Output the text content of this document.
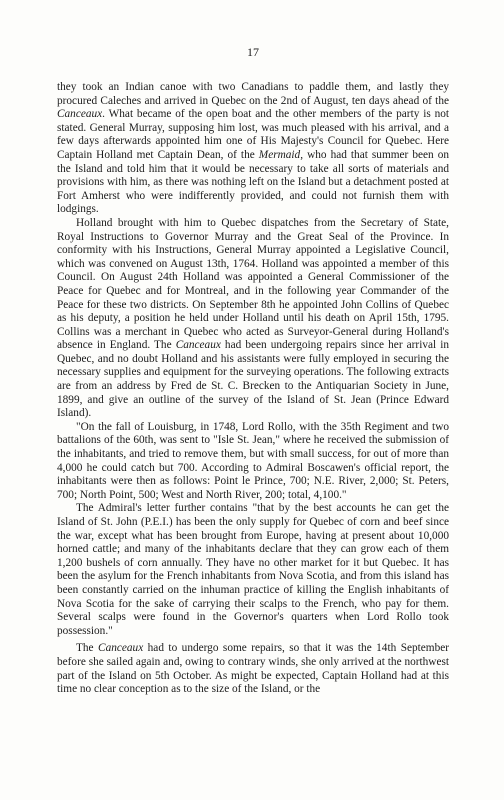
17

they took an Indian canoe with two Canadians to paddle them, and lastly they procured Caleches and arrived in Quebec on the 2nd of August, ten days ahead of the Canceaux. What became of the open boat and the other members of the party is not stated. General Murray, supposing him lost, was much pleased with his arrival, and a few days afterwards appointed him one of His Majesty's Council for Quebec. Here Captain Holland met Captain Dean, of the Mermaid, who had that summer been on the Island and told him that it would be necessary to take all sorts of materials and provisions with him, as there was nothing left on the Island but a detachment posted at Fort Amherst who were indifferently provided, and could not furnish them with lodgings.

Holland brought with him to Quebec dispatches from the Secretary of State, Royal Instructions to Governor Murray and the Great Seal of the Province. In conformity with his Instructions, General Murray appointed a Legislative Council, which was convened on August 13th, 1764. Holland was appointed a member of this Council. On August 24th Holland was appointed a General Commissioner of the Peace for Quebec and for Montreal, and in the following year Commander of the Peace for these two districts. On September 8th he appointed John Collins of Quebec as his deputy, a position he held under Holland until his death on April 15th, 1795. Collins was a merchant in Quebec who acted as Surveyor-General during Holland's absence in England. The Canceaux had been undergoing repairs since her arrival in Quebec, and no doubt Holland and his assistants were fully employed in securing the necessary supplies and equipment for the surveying operations. The following extracts are from an address by Fred de St. C. Brecken to the Antiquarian Society in June, 1899, and give an outline of the survey of the Island of St. Jean (Prince Edward Island).

"On the fall of Louisburg, in 1748, Lord Rollo, with the 35th Regiment and two battalions of the 60th, was sent to "Isle St. Jean," where he received the submission of the inhabitants, and tried to remove them, but with small success, for out of more than 4,000 he could catch but 700. According to Admiral Boscawen's official report, the inhabitants were then as follows: Point le Prince, 700; N.E. River, 2,000; St. Peters, 700; North Point, 500; West and North River, 200; total, 4,100."

The Admiral's letter further contains "that by the best accounts he can get the Island of St. John (P.E.I.) has been the only supply for Quebec of corn and beef since the war, except what has been brought from Europe, having at present about 10,000 horned cattle; and many of the inhabitants declare that they can grow each of them 1,200 bushels of corn annually. They have no other market for it but Quebec. It has been the asylum for the French inhabitants from Nova Scotia, and from this island has been constantly carried on the inhuman practice of killing the English inhabitants of Nova Scotia for the sake of carrying their scalps to the French, who pay for them. Several scalps were found in the Governor's quarters when Lord Rollo took possession."

The Canceaux had to undergo some repairs, so that it was the 14th September before she sailed again and, owing to contrary winds, she only arrived at the northwest part of the Island on 5th October. As might be expected, Captain Holland had at this time no clear conception as to the size of the Island, or the
